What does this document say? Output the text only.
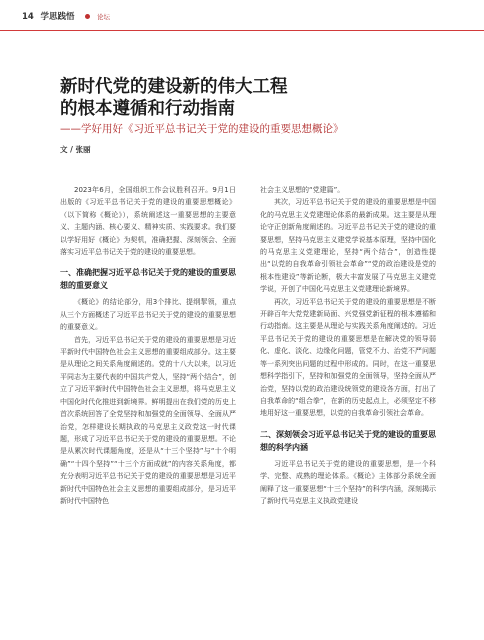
14 学思践悟	论坛
新时代党的建设新的伟大工程
的根本遵循和行动指南
——学好用好《习近平总书记关于党的建设的重要思想概论》
文 / 张丽

2023年6月，全国组织工作会议胜利召开。9月1日出版的《习近平总书记关于党的建设的重要思想概论》（以下简称《概论》），系统阐述这一重要思想的主要意义、主题内涵、核心要义、精神实质、实践要求。我们要以学好用好《概论》为契机，准确把握、深刻领会、全面落实习近平总书记关于党的建设的重要思想。

一、准确把握习近平总书记关于党的建设的重要思想的重要意义

《概论》的结论部分，用3个排比、提纲挈领，重点从三个方面概述了习近平总书记关于党的建设的重要思想的重要意义。

首先，习近平总书记关于党的建设的重要思想是习近平新时代中国特色社会主义思想的重要组成部分。这主要是从理论之间关系角度阐述的。党的十八大以来，以习近平同志为主要代表的中国共产党人，坚持“两个结合”，创立了习近平新时代中国特色社会主义思想，将马克思主义中国化时代化推进到新境界。鲜明提出在我们党的历史上首次系统回答了全党坚持和加强党的全面领导、全面从严治党，怎样建设长期执政的马克思主义政党这一时代课题，形成了习近平总书记关于党的建设的重要思想。不论是从累次时代课题角度，还是从“十三个坚持”与“十个明确”“十四个坚持”“十三个方面成就”的内容关系角度，都充分表明习近平总书记关于党的建设的重要思想是习近平新时代中国特色社会主义思想的重要组成部分，是习近平新时代中国特色

社会主义思想的“党建篇”。

其次，习近平总书记关于党的建设的重要思想是中国化的马克思主义党建理论体系的最新成果。这主要是从理论守正创新角度阐述的。习近平总书记关于党的建设的重要思想，坚持马克思主义建党学说基本原理，坚持中国化的马克思主义党建理论，坚持“两个结合”，创造性提出“以党的自我革命引领社会革命”“党的政治建设是党的根本性建设”等新论断，极大丰富发展了马克思主义建党学说，开创了中国化马克思主义党建理论新境界。

再次，习近平总书记关于党的建设的重要思想是不断开辟百年大党党建新局面、兴党强党新征程的根本遵循和行动指南。这主要是从理论与实践关系角度阐述的。习近平总书记关于党的建设的重要思想是在解决党的领导弱化、虚化、淡化、边缘化问题，管党不力、治党不严问题等一系列突出问题的过程中形成的。同时，在这一重要思想科学指引下，坚持和加强党的全面领导，坚持全面从严治党，坚持以党的政治建设统领党的建设各方面，打出了自我革命的“组合拳”，在新的历史起点上，必须坚定不移地用好这一重要思想，以党的自我革命引领社会革命。

二、深刻领会习近平总书记关于党的建设的重要思想的科学内涵

习近平总书记关于党的建设的重要思想，是一个科学、完整、成熟的理论体系。《概论》主体部分系统全面阐释了这一重要思想“十三个坚持”的科学内涵，深刻揭示了新时代马克思主义执政党建设
